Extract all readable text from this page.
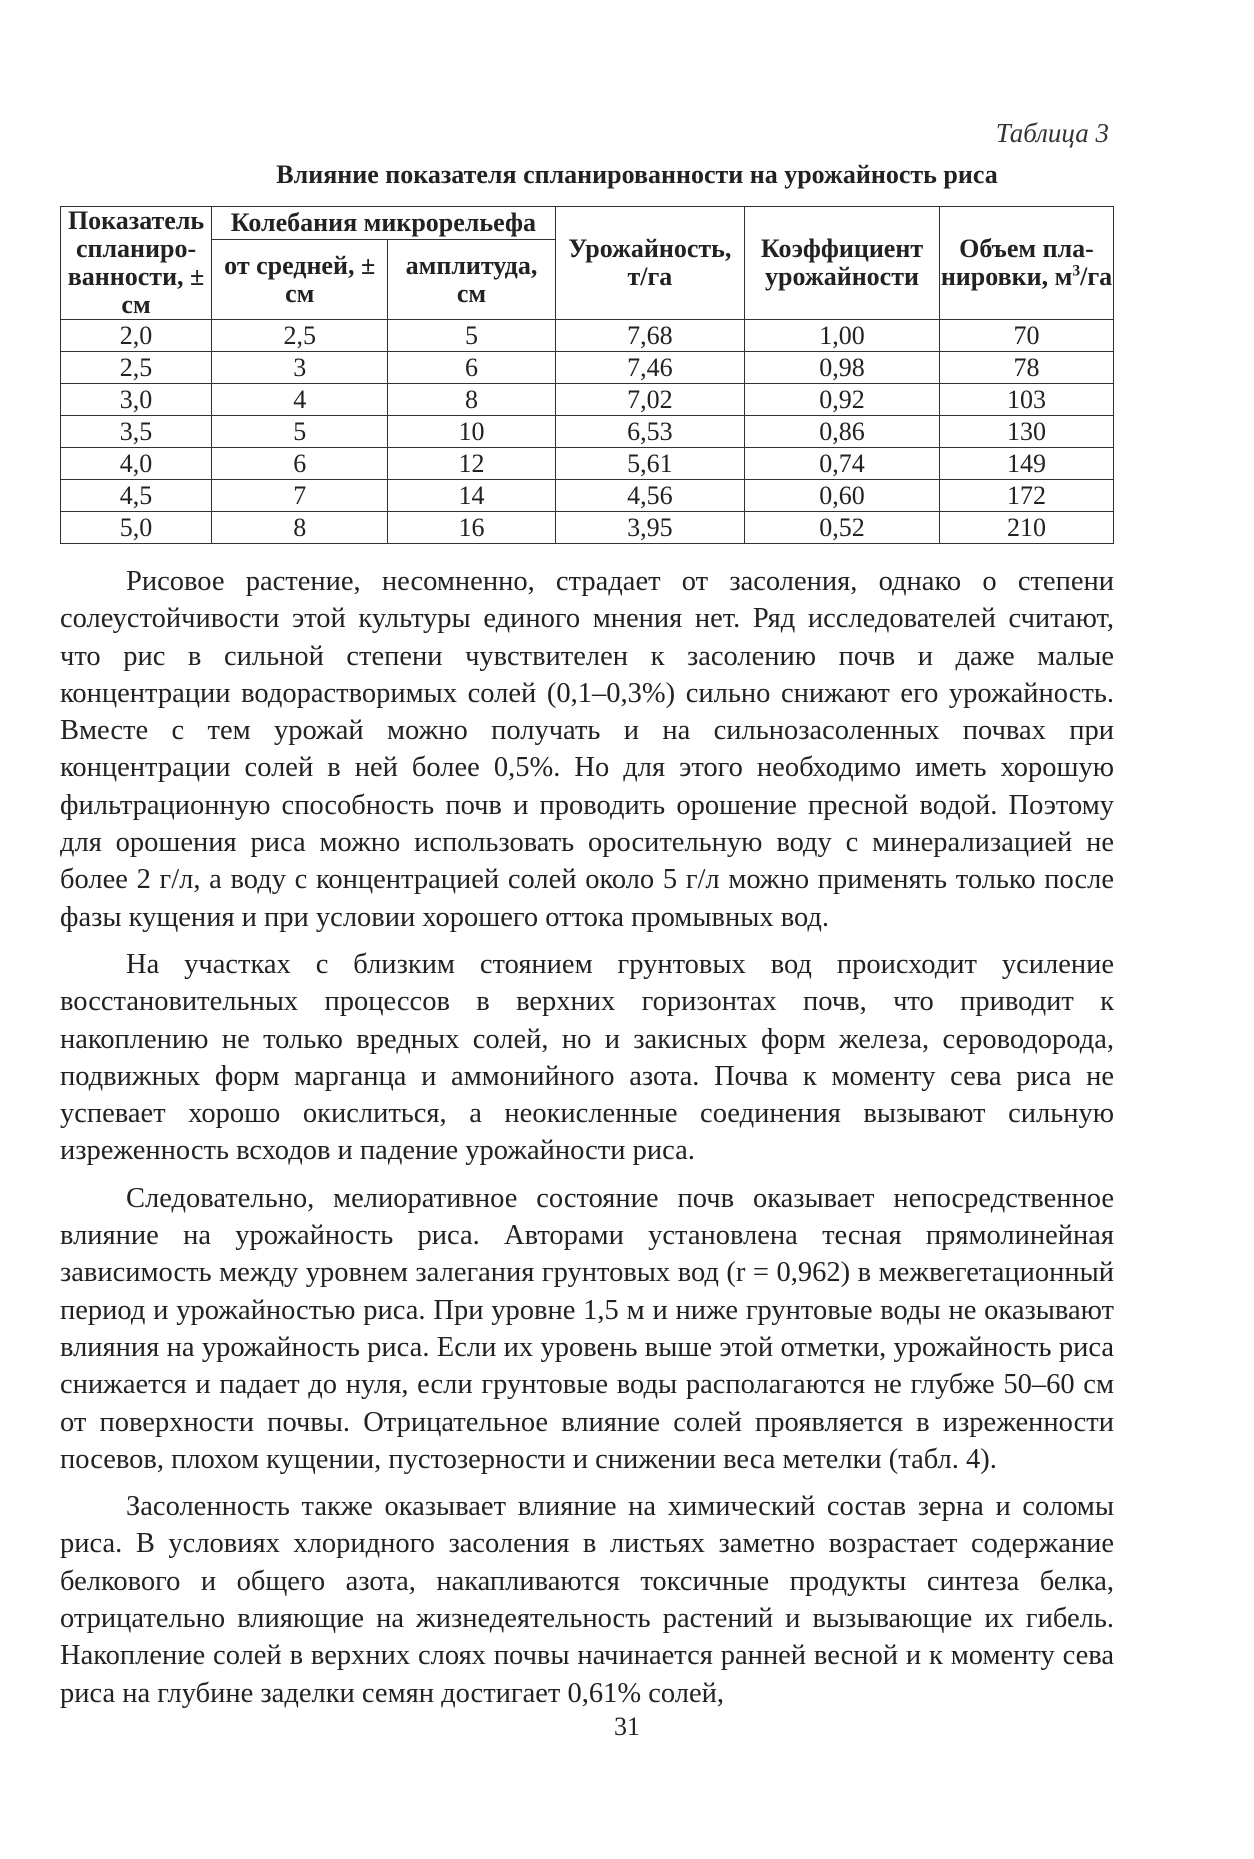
Таблица 3
Влияние показателя спланированности на урожайность риса
Показатель спланированности, ± см	Колебания микрорельефа		Урожайность, т/га	Коэффициент урожайности	Объем планировки, $м^3/га$
	от средней, ± см	амплитуда, см			
2,0	2,5	5	7,68	1,00	70
2,5	3	6	7,46	0,98	78
3,0	4	8	7,02	0,92	103
3,5	5	10	6,53	0,86	130
4,0	6	12	5,61	0,74	149
4,5	7	14	4,56	0,60	172
5,0	8	16	3,95	0,52	210

Рисовое растение, несомненно, страдает от засоления, однако о степени солеустойчивости этой культуры единого мнения нет. Ряд исследователей считают, что рис в сильной степени чувствителен к засолению почв и даже малые концентрации водорастворимых солей (0,1–0,3%) сильно снижают его урожайность. Вместе с тем урожай можно получать и на сильнозасоленных почвах при концентрации солей в ней более 0,5%. Но для этого необходимо иметь хорошую фильтрационную способность почв и проводить орошение пресной водой. Поэтому для орошения риса можно использовать оросительную воду с минерализацией не более 2 г/л, а воду с концентрацией солей около 5 г/л можно применять только после фазы кущения и при условии хорошего оттока промывных вод.

На участках с близким стоянием грунтовых вод происходит усиление восстановительных процессов в верхних горизонтах почв, что приводит к накоплению не только вредных солей, но и закисных форм железа, сероводорода, подвижных форм марганца и аммонийного азота. Почва к моменту сева риса не успевает хорошо окислиться, а неокисленные соединения вызывают сильную изреженность всходов и падение урожайности риса.

Следовательно, мелиоративное состояние почв оказывает непосредственное влияние на урожайность риса. Авторами установлена тесная прямолинейная зависимость между уровнем залегания грунтовых вод (r = 0,962) в межвегетационный период и урожайностью риса. При уровне 1,5 м и ниже грунтовые воды не оказывают влияния на урожайность риса. Если их уровень выше этой отметки, урожайность риса снижается и падает до нуля, если грунтовые воды располагаются не глубже 50–60 см от поверхности почвы. Отрицательное влияние солей проявляется в изреженности посевов, плохом кущении, пустозерности и снижении веса метелки (табл. 4).

Засоленность также оказывает влияние на химический состав зерна и соломы риса. В условиях хлоридного засоления в листьях заметно возрастает содержание белкового и общего азота, накапливаются токсичные продукты синтеза белка, отрицательно влияющие на жизнедеятельность растений и вызывающие их гибель. Накопление солей в верхних слоях почвы начинается ранней весной и к моменту сева риса на глубине заделки семян достигает 0,61% солей,

31
